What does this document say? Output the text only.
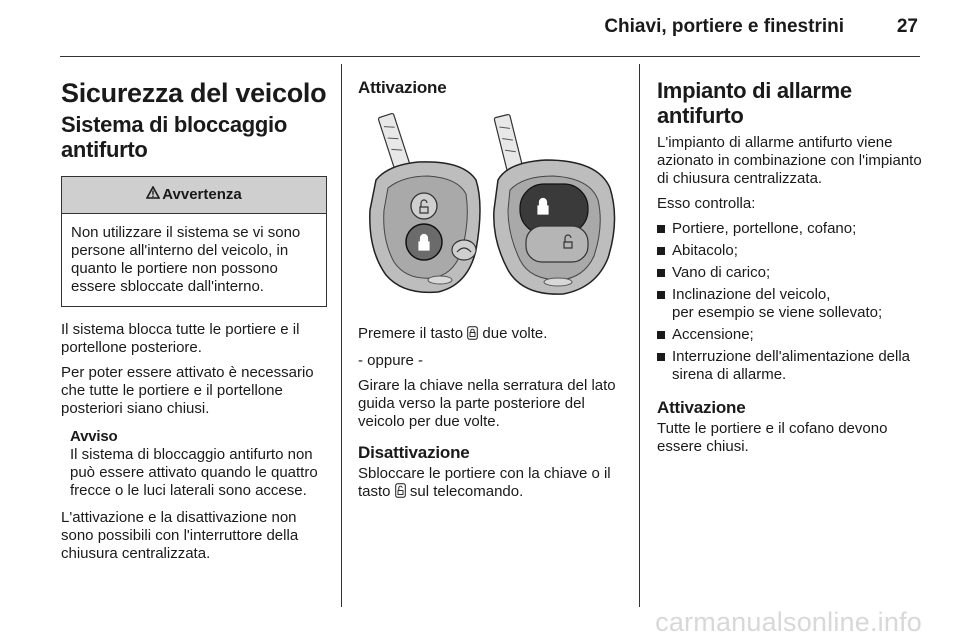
Chiavi, portiere e finestrini	27
Sicurezza del veicolo
Sistema di bloccaggio
antifurto
Avvertenza
Non utilizzare il sistema se vi sono persone all'interno del veicolo, in quanto le portiere non possono essere sbloccate dall'interno.

Il sistema blocca tutte le portiere e il portellone posteriore.

Per poter essere attivato è necessario che tutte le portiere e il portellone posteriori siano chiusi.

Avviso
Il sistema di bloccaggio antifurto non può essere attivato quando le quattro frecce o le luci laterali sono accese.

L'attivazione e la disattivazione non sono possibili con l'interruttore della chiusura centralizzata.

Attivazione

Premere il tasto due volte.

- oppure -

Girare la chiave nella serratura del lato guida verso la parte posteriore del veicolo per due volte.

Disattivazione

Sbloccare le portiere con la chiave o il tasto sul telecomando.

Impianto di allarme
antifurto

L'impianto di allarme antifurto viene azionato in combinazione con l'impianto di chiusura centralizzata.

Esso controlla:

Portiere, portellone, cofano;
Abitacolo;
Vano di carico;
Inclinazione del veicolo,
per esempio se viene sollevato;
Accensione;
Interruzione dell'alimentazione della sirena di allarme.
Attivazione

Tutte le portiere e il cofano devono essere chiusi.

carmanualsonline.info
